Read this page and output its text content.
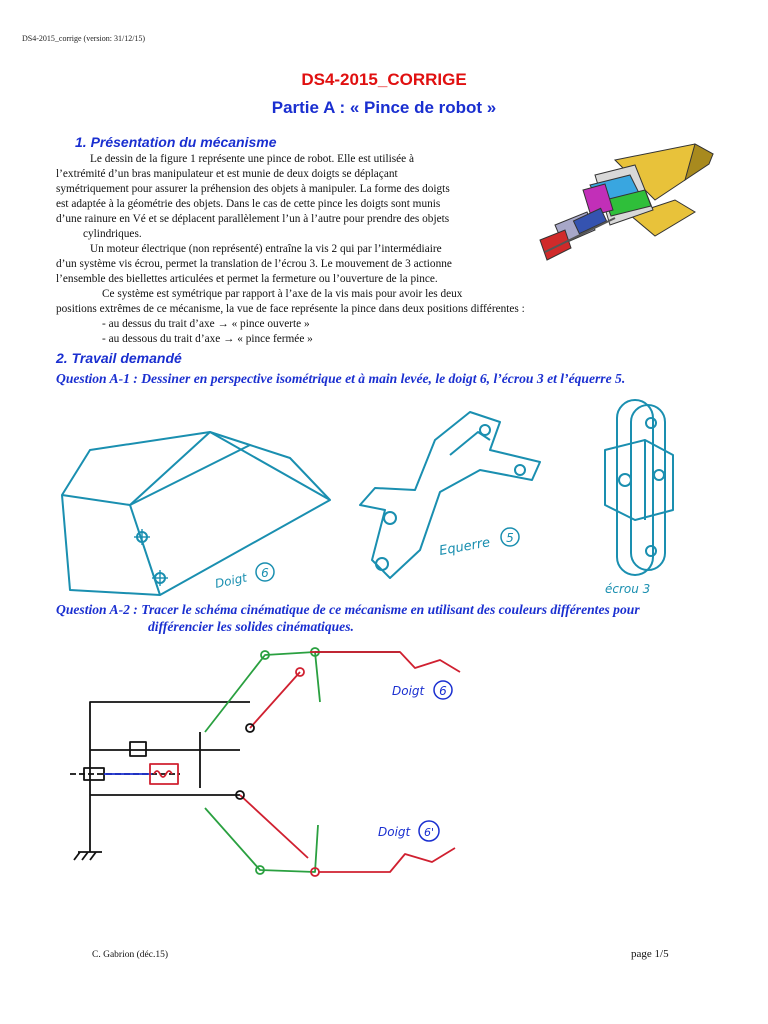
DS4-2015_corrige (version: 31/12/15)
DS4-2015_CORRIGE
Partie A : « Pince de robot »
1. Présentation du mécanisme
Le dessin de la figure 1 représente une pince de robot. Elle est utilisée à
l’extrémité d’un bras manipulateur et est munie de deux doigts se déplaçant
symétriquement pour assurer la préhension des objets à manipuler. La forme des doigts
est adaptée à la géométrie des objets. Dans le cas de cette pince les doigts sont munis
d’une rainure en Vé et se déplacent parallèlement l’un à l’autre pour prendre des objets
cylindriques.
Un moteur électrique (non représenté) entraîne la vis 2 qui par l’intermédiaire
d’un système vis écrou, permet la translation de l’écrou 3. Le mouvement de 3 actionne
l’ensemble des biellettes articulées et permet la fermeture ou l’ouverture de la pince.
Ce système est symétrique par rapport à l’axe de la vis mais pour avoir les deux
positions extrêmes de ce mécanisme, la vue de face représente la pince dans deux positions différentes :
- au dessus du trait d’axe → « pince ouverte »
- au dessous du trait d’axe → « pince fermée »
2. Travail demandé
Question A-1 : Dessiner en perspective isométrique et à main levée, le doigt 6, l’écrou 3 et l’équerre 5.
Doigt 6
Equerre 5
écrou 3
Question A-2 : Tracer le schéma cinématique de ce mécanisme en utilisant des couleurs différentes pour
différencier les solides cinématiques.
Doigt 6
Doigt 6'
C. Gabrion (déc.15)	page 1/5
